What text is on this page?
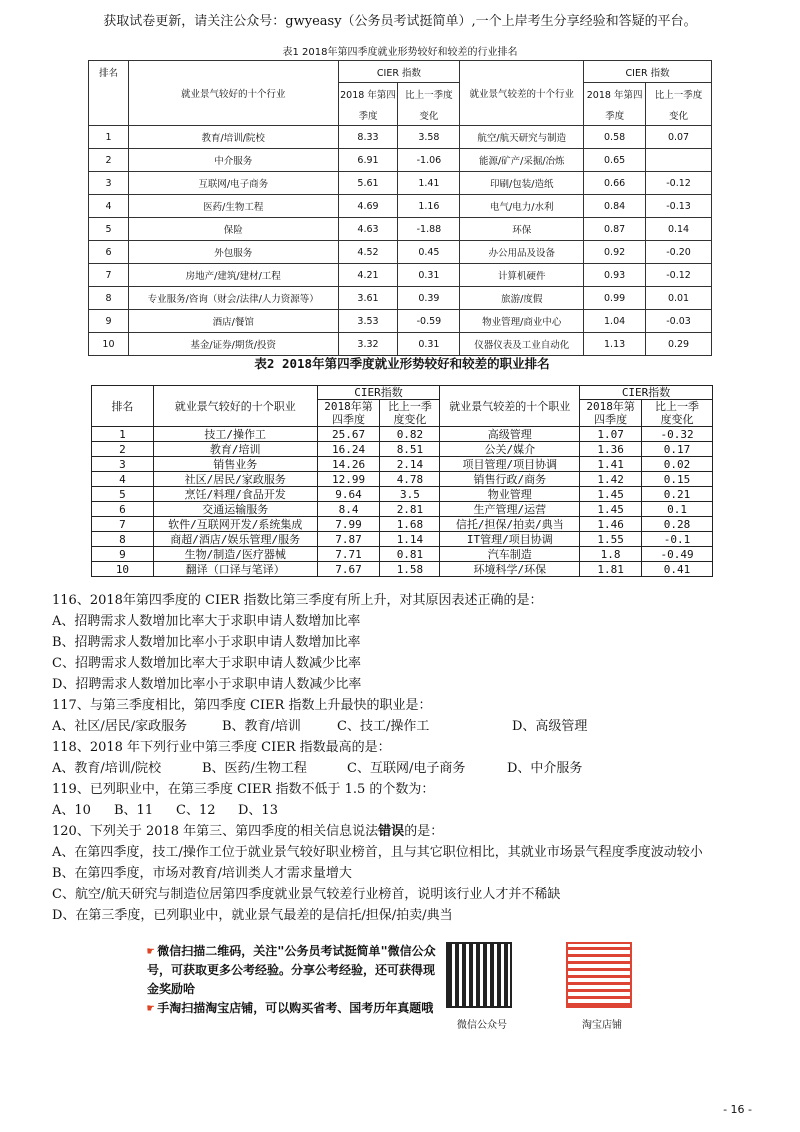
获取试卷更新，请关注公众号：gwyeasy（公务员考试挺简单）,一个上岸考生分享经验和答疑的平台。
表1 2018年第四季度就业形势较好和较差的行业排名
排名	就业景气较好的十个行业	CIER 指数		就业景气较差的十个行业	CIER 指数	
		2018 年第四	比上一季度		2018 年第四	比上一季度
		季度	变化		季度	变化
1	教育/培训/院校	8.33	3.58	航空/航天研究与制造	0.58	0.07
2	中介服务	6.91	-1.06	能源/矿产/采掘/冶炼	0.65	
3	互联网/电子商务	5.61	1.41	印刷/包装/造纸	0.66	-0.12
4	医药/生物工程	4.69	1.16	电气/电力/水利	0.84	-0.13
5	保险	4.63	-1.88	环保	0.87	0.14
6	外包服务	4.52	0.45	办公用品及设备	0.92	-0.20
7	房地产/建筑/建材/工程	4.21	0.31	计算机硬件	0.93	-0.12
8	专业服务/咨询（财会/法律/人力资源等）	3.61	0.39	旅游/度假	0.99	0.01
9	酒店/餐馆	3.53	-0.59	物业管理/商业中心	1.04	-0.03
10	基金/证券/期货/投资	3.32	0.31	仪器仪表及工业自动化	1.13	0.29
表2 2018年第四季度就业形势较好和较差的职业排名
排名	就业景气较好的十个职业	CIER指数		就业景气较差的十个职业	CIER指数	
		2018年第	比上一季		2018年第	比上一季
		四季度	度变化		四季度	度变化
1	技工/操作工	25.67	0.82	高级管理	1.07	-0.32
2	教育/培训	16.24	8.51	公关/媒介	1.36	0.17
3	销售业务	14.26	2.14	项目管理/项目协调	1.41	0.02
4	社区/居民/家政服务	12.99	4.78	销售行政/商务	1.42	0.15
5	烹饪/料理/食品开发	9.64	3.5	物业管理	1.45	0.21
6	交通运输服务	8.4	2.81	生产管理/运营	1.45	0.1
7	软件/互联网开发/系统集成	7.99	1.68	信托/担保/拍卖/典当	1.46	0.28
8	商超/酒店/娱乐管理/服务	7.87	1.14	IT管理/项目协调	1.55	-0.1
9	生物/制造/医疗器械	7.71	0.81	汽车制造	1.8	-0.49
10	翻译（口译与笔译）	7.67	1.58	环境科学/环保	1.81	0.41
116、2018年第四季度的 CIER 指数比第三季度有所上升，对其原因表述正确的是：
A、招聘需求人数增加比率大于求职申请人数增加比率
B、招聘需求人数增加比率小于求职申请人数增加比率
C、招聘需求人数增加比率大于求职申请人数减少比率
D、招聘需求人数增加比率小于求职申请人数减少比率
117、与第三季度相比，第四季度 CIER 指数上升最快的职业是：
A、社区/居民/家政服务	B、教育/培训	C、技工/操作工	D、高级管理
118、2018 年下列行业中第三季度 CIER 指数最高的是：
A、教育/培训/院校	B、医药/生物工程	C、互联网/电子商务	D、中介服务
119、已列职业中，在第三季度 CIER 指数不低于 1.5 的个数为：
A、10 B、11 C、12 D、13
120、下列关于 2018 年第三、第四季度的相关信息说法错误的是：
A、在第四季度，技工/操作工位于就业景气较好职业榜首，且与其它职位相比，其就业市场景气程度季度波动较小
B、在第四季度，市场对教育/培训类人才需求量增大
C、航空/航天研究与制造位居第四季度就业景气较差行业榜首，说明该行业人才并不稀缺
D、在第三季度，已列职业中，就业景气最差的是信托/担保/拍卖/典当
☛ 微信扫描二维码，关注"公务员考试挺简单"微信公众号，可获取更多公考经验。分享公考经验，还可获得现金奖励哈
☛ 手淘扫描淘宝店铺，可以购买省考、国考历年真题哦
微信公众号	淘宝店铺
- 16 -
